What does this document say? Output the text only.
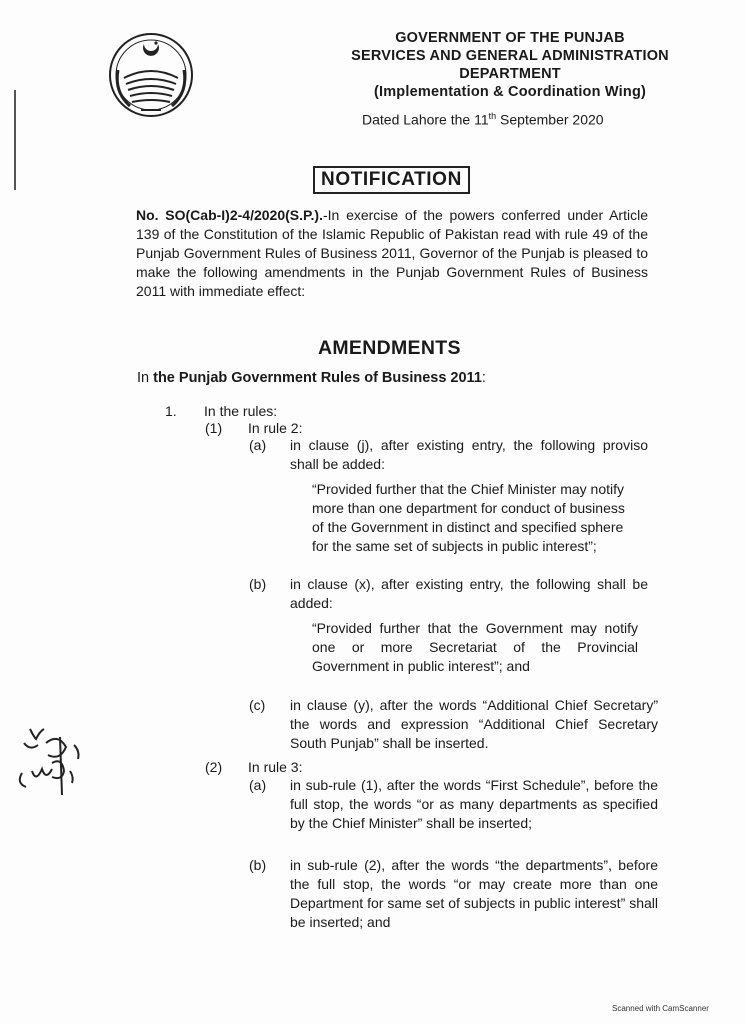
GOVERNMENT OF THE PUNJAB
SERVICES AND GENERAL ADMINISTRATION
DEPARTMENT
(Implementation & Coordination Wing)
Dated Lahore the 11th September 2020
NOTIFICATION
No. SO(Cab-I)2-4/2020(S.P.).-In exercise of the powers conferred under Article 139 of the Constitution of the Islamic Republic of Pakistan read with rule 49 of the Punjab Government Rules of Business 2011, Governor of the Punjab is pleased to make the following amendments in the Punjab Government Rules of Business 2011 with immediate effect:
AMENDMENTS
In the Punjab Government Rules of Business 2011:
1. In the rules:
(1) In rule 2:
(a) in clause (j), after existing entry, the following proviso shall be added:
“Provided further that the Chief Minister may notify more than one department for conduct of business of the Government in distinct and specified sphere for the same set of subjects in public interest”;
(b) in clause (x), after existing entry, the following shall be added:
“Provided further that the Government may notify one or more Secretariat of the Provincial Government in public interest”; and
(c) in clause (y), after the words “Additional Chief Secretary” the words and expression “Additional Chief Secretary South Punjab” shall be inserted.
(2) In rule 3:
(a) in sub-rule (1), after the words “First Schedule”, before the full stop, the words “or as many departments as specified by the Chief Minister” shall be inserted;
(b) in sub-rule (2), after the words “the departments”, before the full stop, the words “or may create more than one Department for same set of subjects in public interest” shall be inserted; and
Scanned with CamScanner
